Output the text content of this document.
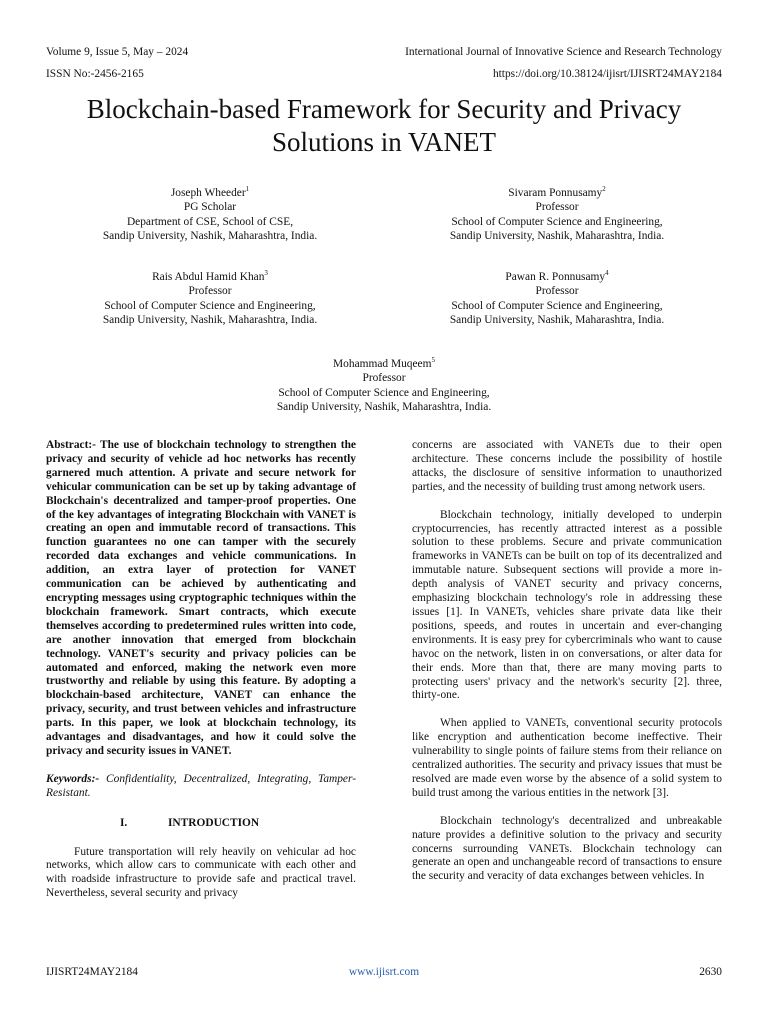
Volume 9, Issue 5, May – 2024	International Journal of Innovative Science and Research Technology
ISSN No:-2456-2165	https://doi.org/10.38124/ijisrt/IJISRT24MAY2184
Blockchain-based Framework for Security and Privacy Solutions in VANET
Joseph Wheeder$^1$
PG Scholar
Department of CSE, School of CSE,
Sandip University, Nashik, Maharashtra, India.
Sivaram Ponnusamy$^2$
Professor
School of Computer Science and Engineering,
Sandip University, Nashik, Maharashtra, India.
Rais Abdul Hamid Khan$^3$
Professor
School of Computer Science and Engineering,
Sandip University, Nashik, Maharashtra, India.
Pawan R. Ponnusamy$^4$
Professor
School of Computer Science and Engineering,
Sandip University, Nashik, Maharashtra, India.
Mohammad Muqeem$^5$
Professor
School of Computer Science and Engineering,
Sandip University, Nashik, Maharashtra, India.

Abstract:- The use of blockchain technology to strengthen the privacy and security of vehicle ad hoc networks has recently garnered much attention. A private and secure network for vehicular communication can be set up by taking advantage of Blockchain's decentralized and tamper-proof properties. One of the key advantages of integrating Blockchain with VANET is creating an open and immutable record of transactions. This function guarantees no one can tamper with the securely recorded data exchanges and vehicle communications. In addition, an extra layer of protection for VANET communication can be achieved by authenticating and encrypting messages using cryptographic techniques within the blockchain framework. Smart contracts, which execute themselves according to predetermined rules written into code, are another innovation that emerged from blockchain technology. VANET's security and privacy policies can be automated and enforced, making the network even more trustworthy and reliable by using this feature. By adopting a blockchain-based architecture, VANET can enhance the privacy, security, and trust between vehicles and infrastructure parts. In this paper, we look at blockchain technology, its advantages and disadvantages, and how it could solve the privacy and security issues in VANET.

Keywords:- Confidentiality, Decentralized, Integrating, Tamper-Resistant.

I.	INTRODUCTION

Future transportation will rely heavily on vehicular ad hoc networks, which allow cars to communicate with each other and with roadside infrastructure to provide safe and practical travel. Nevertheless, several security and privacy

concerns are associated with VANETs due to their open architecture. These concerns include the possibility of hostile attacks, the disclosure of sensitive information to unauthorized parties, and the necessity of building trust among network users.

Blockchain technology, initially developed to underpin cryptocurrencies, has recently attracted interest as a possible solution to these problems. Secure and private communication frameworks in VANETs can be built on top of its decentralized and immutable nature. Subsequent sections will provide a more in-depth analysis of VANET security and privacy concerns, emphasizing blockchain technology's role in addressing these issues [1]. In VANETs, vehicles share private data like their positions, speeds, and routes in uncertain and ever-changing environments. It is easy prey for cybercriminals who want to cause havoc on the network, listen in on conversations, or alter data for their ends. More than that, there are many moving parts to protecting users' privacy and the network's security [2]. three, thirty-one.

When applied to VANETs, conventional security protocols like encryption and authentication become ineffective. Their vulnerability to single points of failure stems from their reliance on centralized authorities. The security and privacy issues that must be resolved are made even worse by the absence of a solid system to build trust among the various entities in the network [3].

Blockchain technology's decentralized and unbreakable nature provides a definitive solution to the privacy and security concerns surrounding VANETs. Blockchain technology can generate an open and unchangeable record of transactions to ensure the security and veracity of data exchanges between vehicles. In

IJISRT24MAY2184	www.ijisrt.com	2630
